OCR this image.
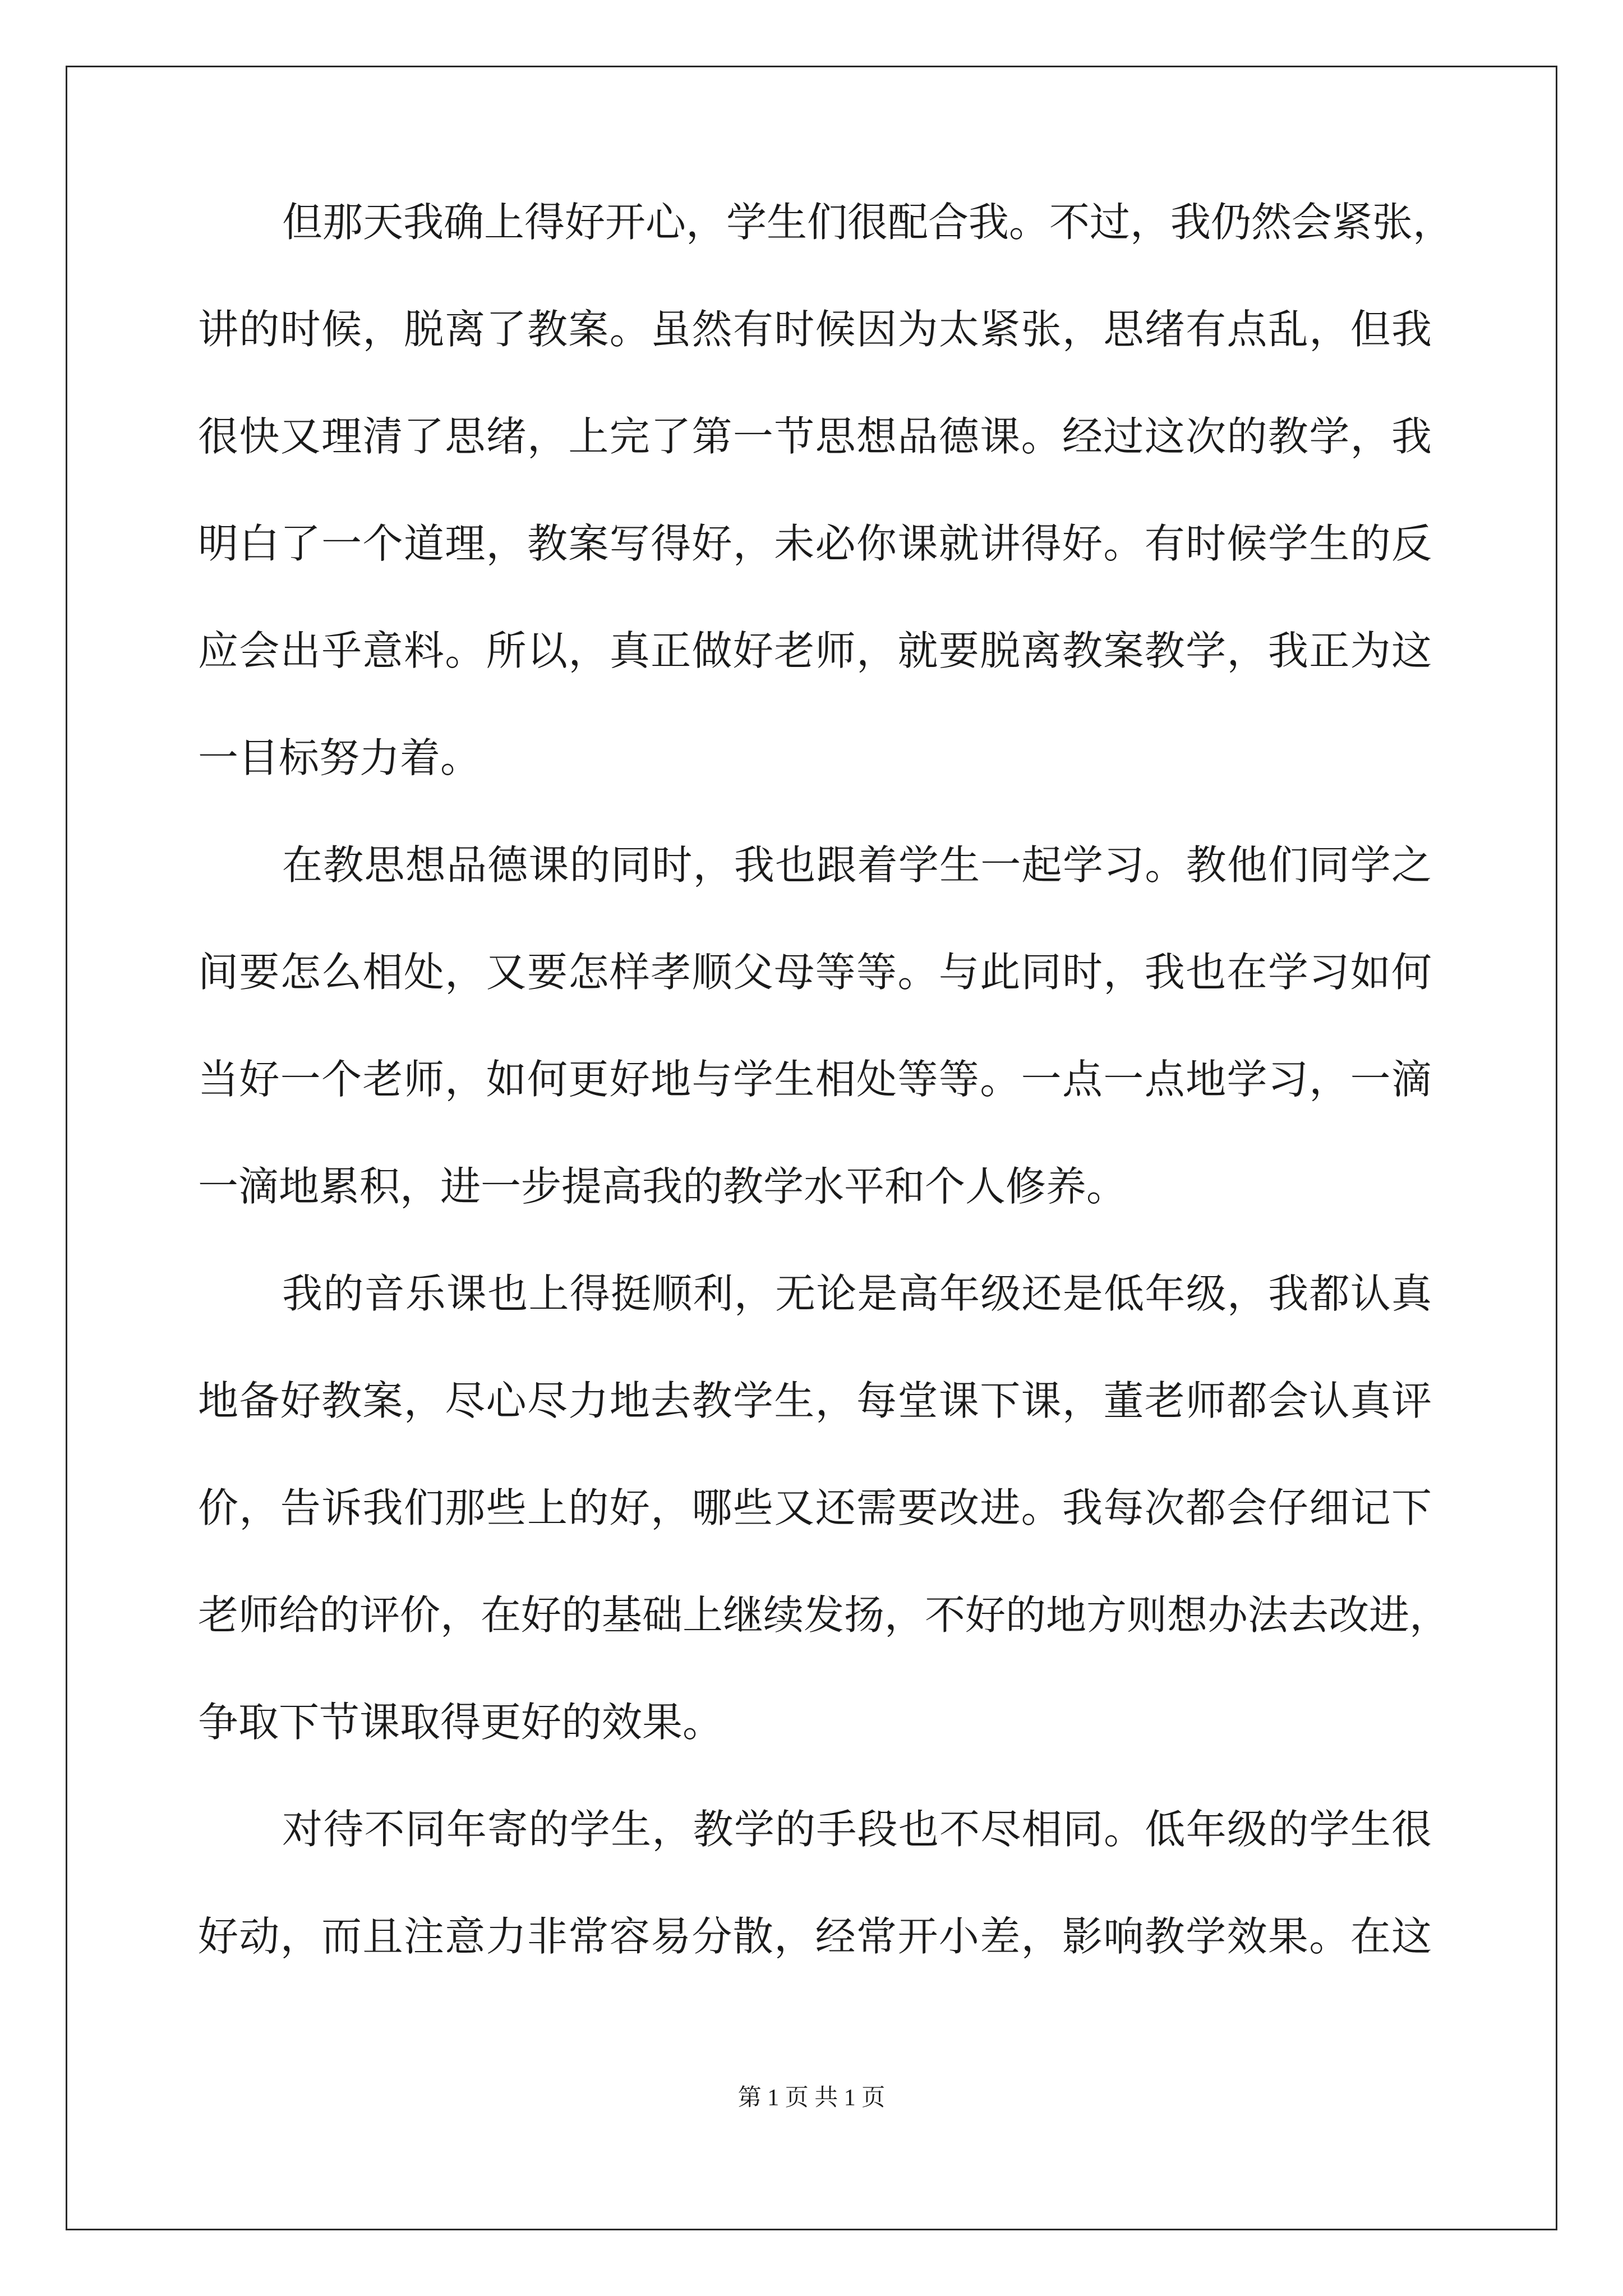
但那天我确上得好开心，学生们很配合我。不过，我仍然会紧张，
讲的时候，脱离了教案。虽然有时候因为太紧张，思绪有点乱，但我
很快又理清了思绪，上完了第一节思想品德课。经过这次的教学，我
明白了一个道理，教案写得好，未必你课就讲得好。有时候学生的反
应会出乎意料。所以，真正做好老师，就要脱离教案教学，我正为这
一目标努力着。
在教思想品德课的同时，我也跟着学生一起学习。教他们同学之
间要怎么相处，又要怎样孝顺父母等等。与此同时，我也在学习如何
当好一个老师，如何更好地与学生相处等等。一点一点地学习，一滴
一滴地累积，进一步提高我的教学水平和个人修养。
我的音乐课也上得挺顺利，无论是高年级还是低年级，我都认真
地备好教案，尽心尽力地去教学生，每堂课下课，董老师都会认真评
价，告诉我们那些上的好，哪些又还需要改进。我每次都会仔细记下
老师给的评价，在好的基础上继续发扬，不好的地方则想办法去改进，
争取下节课取得更好的效果。
对待不同年寄的学生，教学的手段也不尽相同。低年级的学生很
好动，而且注意力非常容易分散，经常开小差，影响教学效果。在这
第 1 页 共 1 页
